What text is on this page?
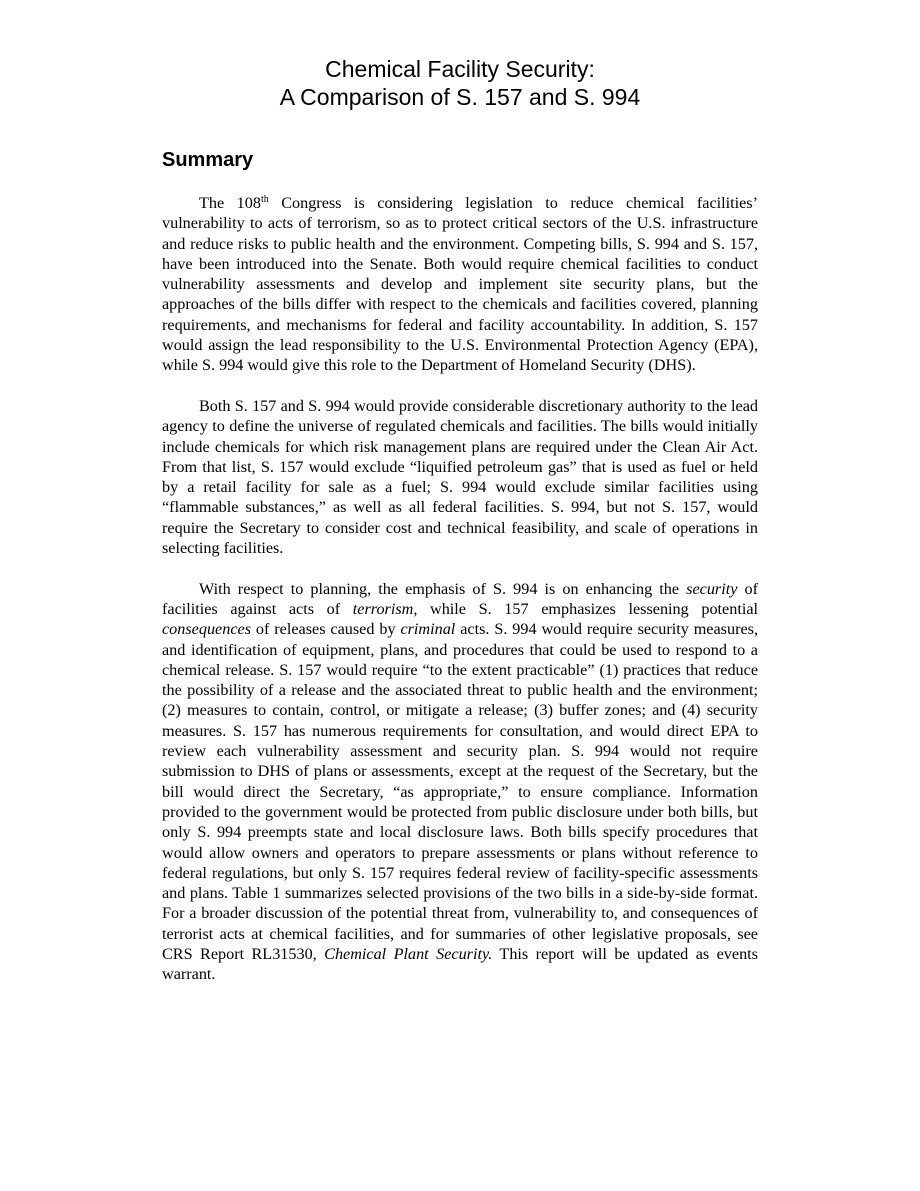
Chemical Facility Security:
A Comparison of S. 157 and S. 994
Summary

The 108th Congress is considering legislation to reduce chemical facilities’ vulnerability to acts of terrorism, so as to protect critical sectors of the U.S. infrastructure and reduce risks to public health and the environment. Competing bills, S. 994 and S. 157, have been introduced into the Senate. Both would require chemical facilities to conduct vulnerability assessments and develop and implement site security plans, but the approaches of the bills differ with respect to the chemicals and facilities covered, planning requirements, and mechanisms for federal and facility accountability. In addition, S. 157 would assign the lead responsibility to the U.S. Environmental Protection Agency (EPA), while S. 994 would give this role to the Department of Homeland Security (DHS).

Both S. 157 and S. 994 would provide considerable discretionary authority to the lead agency to define the universe of regulated chemicals and facilities. The bills would initially include chemicals for which risk management plans are required under the Clean Air Act. From that list, S. 157 would exclude “liquified petroleum gas” that is used as fuel or held by a retail facility for sale as a fuel; S. 994 would exclude similar facilities using “flammable substances,” as well as all federal facilities. S. 994, but not S. 157, would require the Secretary to consider cost and technical feasibility, and scale of operations in selecting facilities.

With respect to planning, the emphasis of S. 994 is on enhancing the security of facilities against acts of terrorism, while S. 157 emphasizes lessening potential consequences of releases caused by criminal acts. S. 994 would require security measures, and identification of equipment, plans, and procedures that could be used to respond to a chemical release. S. 157 would require “to the extent practicable” (1) practices that reduce the possibility of a release and the associated threat to public health and the environment; (2) measures to contain, control, or mitigate a release; (3) buffer zones; and (4) security measures. S. 157 has numerous requirements for consultation, and would direct EPA to review each vulnerability assessment and security plan. S. 994 would not require submission to DHS of plans or assessments, except at the request of the Secretary, but the bill would direct the Secretary, “as appropriate,” to ensure compliance. Information provided to the government would be protected from public disclosure under both bills, but only S. 994 preempts state and local disclosure laws. Both bills specify procedures that would allow owners and operators to prepare assessments or plans without reference to federal regulations, but only S. 157 requires federal review of facility-specific assessments and plans. Table 1 summarizes selected provisions of the two bills in a side-by-side format. For a broader discussion of the potential threat from, vulnerability to, and consequences of terrorist acts at chemical facilities, and for summaries of other legislative proposals, see CRS Report RL31530, Chemical Plant Security. This report will be updated as events warrant.
